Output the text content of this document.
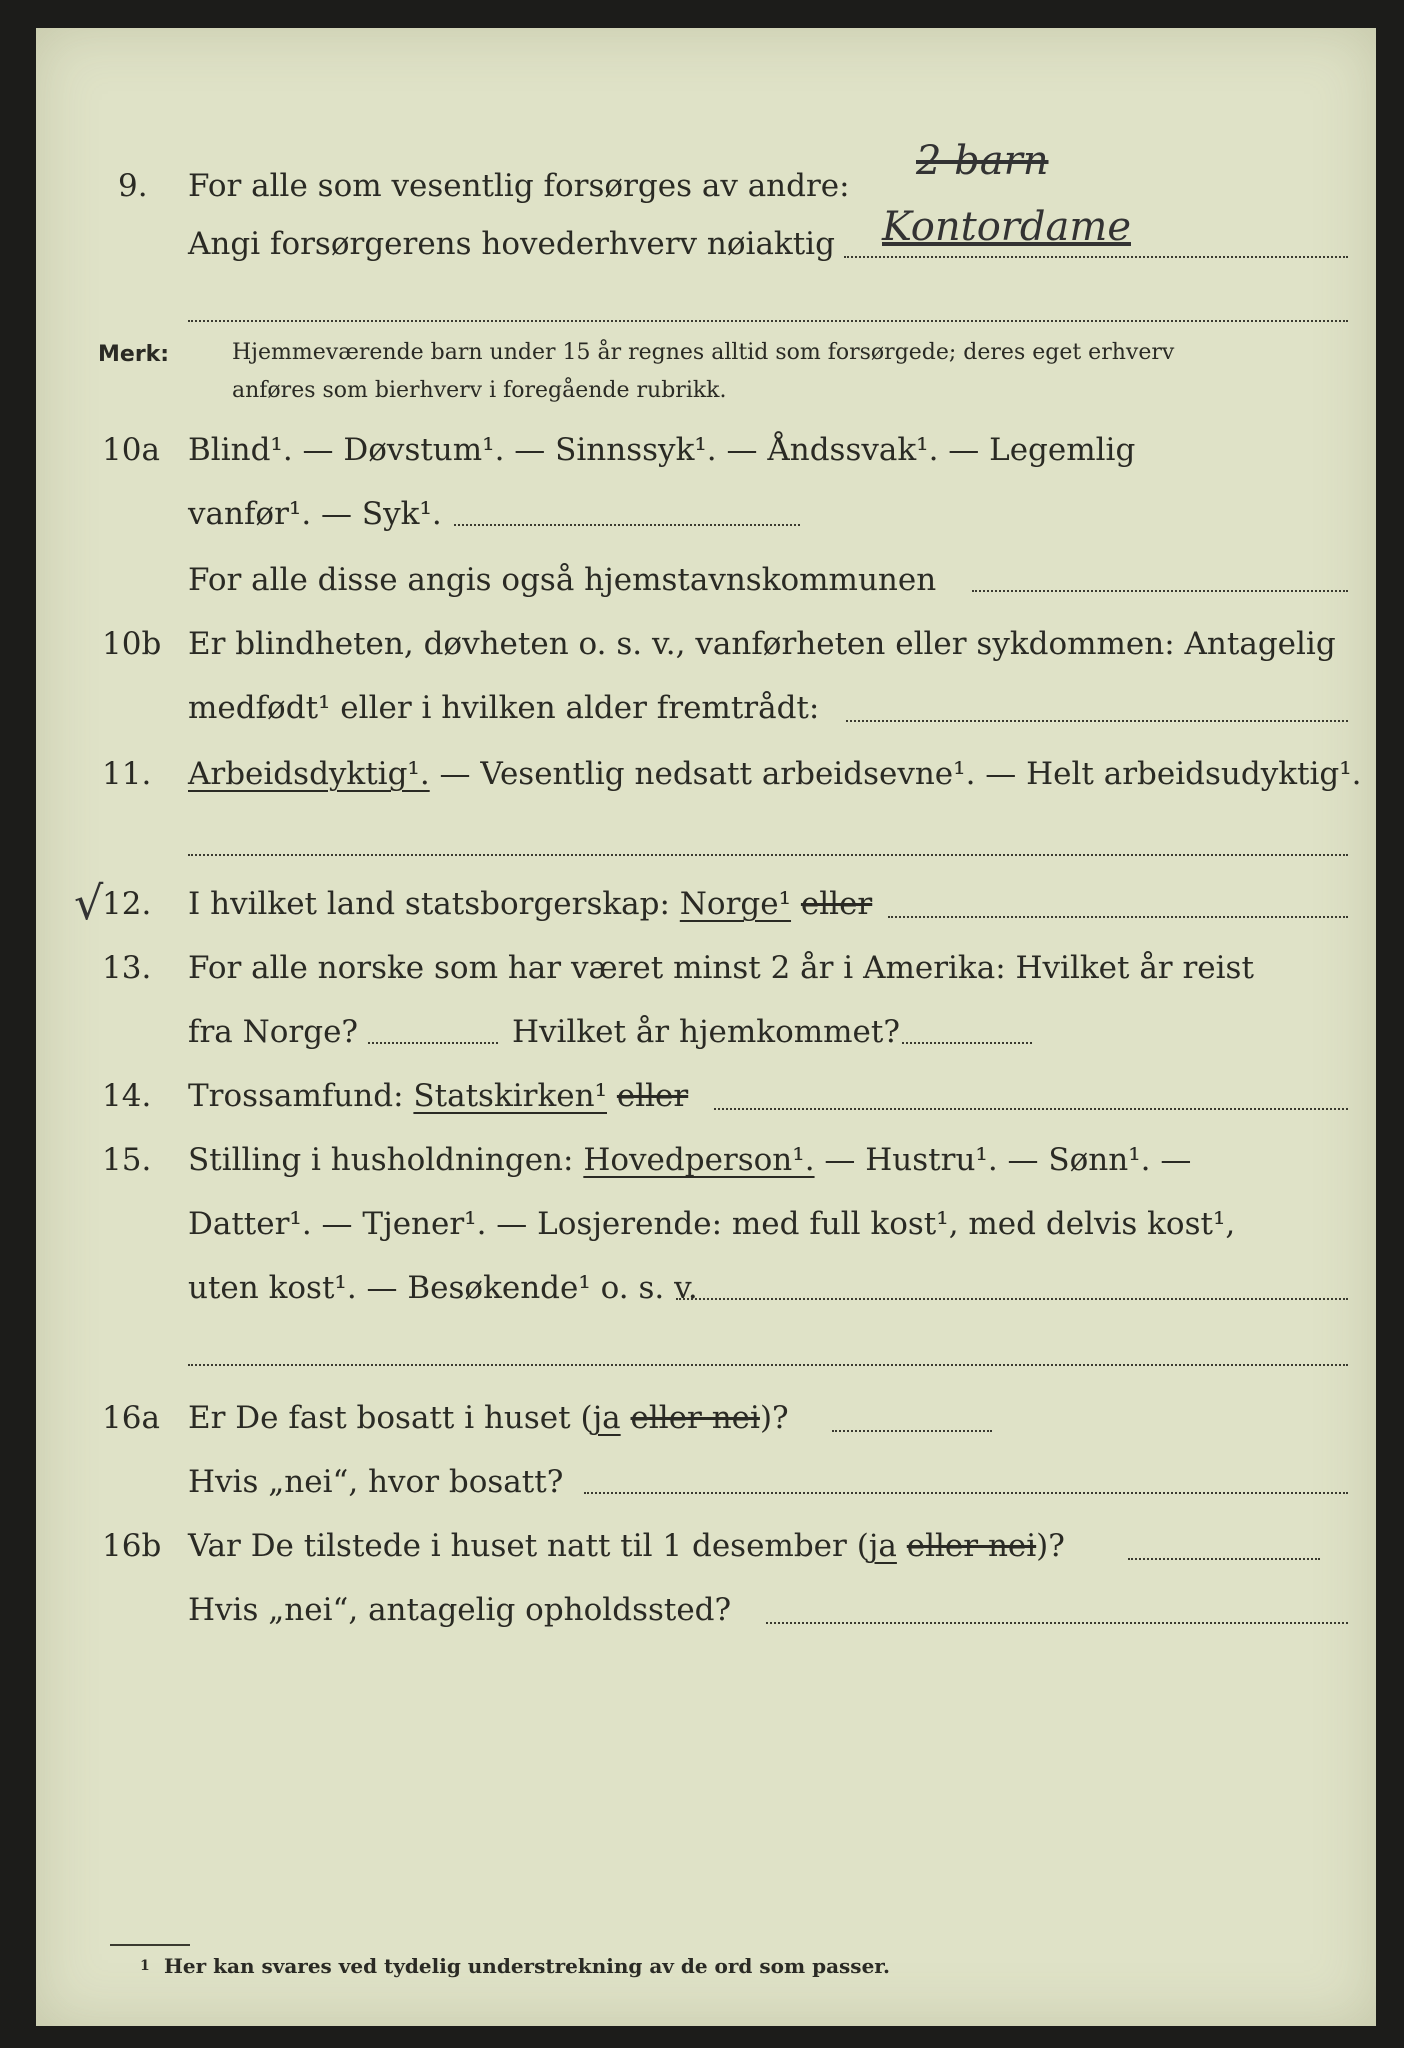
9. For alle som vesentlig forsørges av andre:
2 barn
Angi forsørgerens hovederhverv nøiaktig Kontordame
Merk:	Hjemmeværende barn under 15 år regnes alltid som forsørgede; deres eget erhverv
anføres som bierhverv i foregående rubrikk.
10a Blind¹. — Døvstum¹. — Sinnssyk¹. — Åndssvak¹. — Legemlig
vanfør¹. — Syk¹.
For alle disse angis også hjemstavnskommunen
10b Er blindheten, døvheten o. s. v., vanførheten eller sykdommen: Antagelig
medfødt¹ eller i hvilken alder fremtrådt:
11. Arbeidsdyktig¹. — Vesentlig nedsatt arbeidsevne¹. — Helt arbeidsudyktig¹.
√
12. I hvilket land statsborgerskap: Norge¹ eller
13. For alle norske som har været minst 2 år i Amerika: Hvilket år reist
fra Norge?	Hvilket år hjemkommet?
14. Trossamfund: Statskirken¹ eller
15. Stilling i husholdningen: Hovedperson¹. — Hustru¹. — Sønn¹. —
Datter¹. — Tjener¹. — Losjerende: med full kost¹, med delvis kost¹,
uten kost¹. — Besøkende¹ o. s. v.
16a Er De fast bosatt i huset (ja eller nei)?
Hvis „nei“, hvor bosatt?
16b Var De tilstede i huset natt til 1 desember (ja eller nei)?
Hvis „nei“, antagelig opholdssted?
1 Her kan svares ved tydelig understrekning av de ord som passer.
